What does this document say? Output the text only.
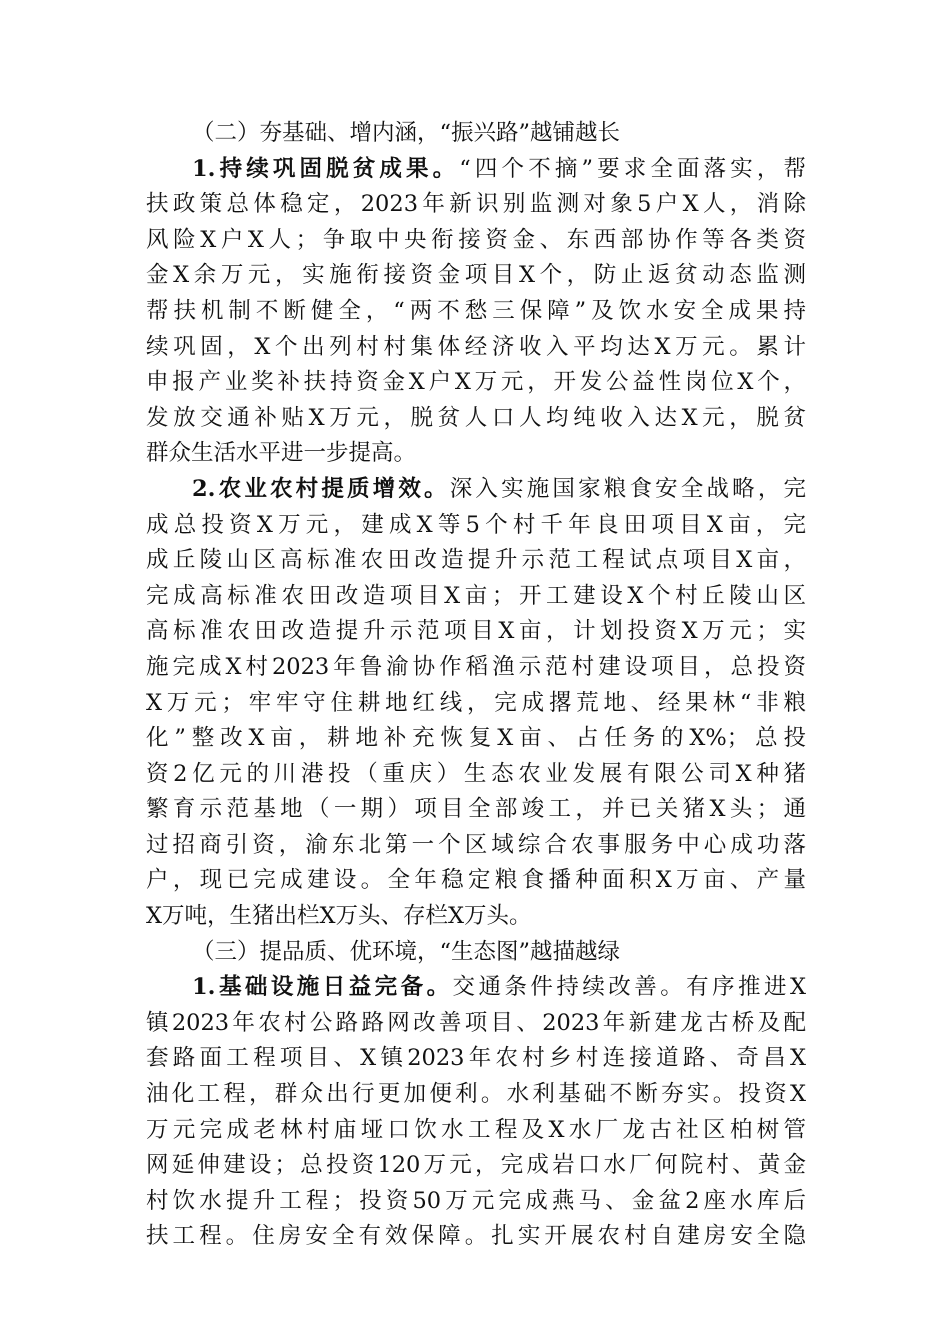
（二）夯基础、增内涵，“振兴路”越铺越长
1.持续巩固脱贫成果。“四个不摘”要求全面落实，帮
扶政策总体稳定，2023年新识别监测对象5户X人，消除
风险X户X人；争取中央衔接资金、东西部协作等各类资
金X余万元，实施衔接资金项目X个，防止返贫动态监测
帮扶机制不断健全，“两不愁三保障”及饮水安全成果持
续巩固，X个出列村村集体经济收入平均达X万元。累计
申报产业奖补扶持资金X户X万元，开发公益性岗位X个，
发放交通补贴X万元，脱贫人口人均纯收入达X元，脱贫
群众生活水平进一步提高。
2.农业农村提质增效。深入实施国家粮食安全战略，完
成总投资X万元，建成X等5个村千年良田项目X亩，完
成丘陵山区高标准农田改造提升示范工程试点项目X亩，
完成高标准农田改造项目X亩；开工建设X个村丘陵山区
高标准农田改造提升示范项目X亩，计划投资X万元；实
施完成X村2023年鲁渝协作稻渔示范村建设项目，总投资
X万元；牢牢守住耕地红线，完成撂荒地、经果林“非粮
化”整改X亩，耕地补充恢复X亩、占任务的X%；总投
资2亿元的川港投（重庆）生态农业发展有限公司X种猪
繁育示范基地（一期）项目全部竣工，并已关猪X头；通
过招商引资，渝东北第一个区域综合农事服务中心成功落
户，现已完成建设。全年稳定粮食播种面积X万亩、产量
X万吨，生猪出栏X万头、存栏X万头。
（三）提品质、优环境，“生态图”越描越绿
1.基础设施日益完备。交通条件持续改善。有序推进X
镇2023年农村公路路网改善项目、2023年新建龙古桥及配
套路面工程项目、X镇2023年农村乡村连接道路、奇昌X
油化工程，群众出行更加便利。水利基础不断夯实。投资X
万元完成老林村庙垭口饮水工程及X水厂龙古社区柏树管
网延伸建设；总投资120万元，完成岩口水厂何院村、黄金
村饮水提升工程；投资50万元完成燕马、金盆2座水库后
扶工程。住房安全有效保障。扎实开展农村自建房安全隐
